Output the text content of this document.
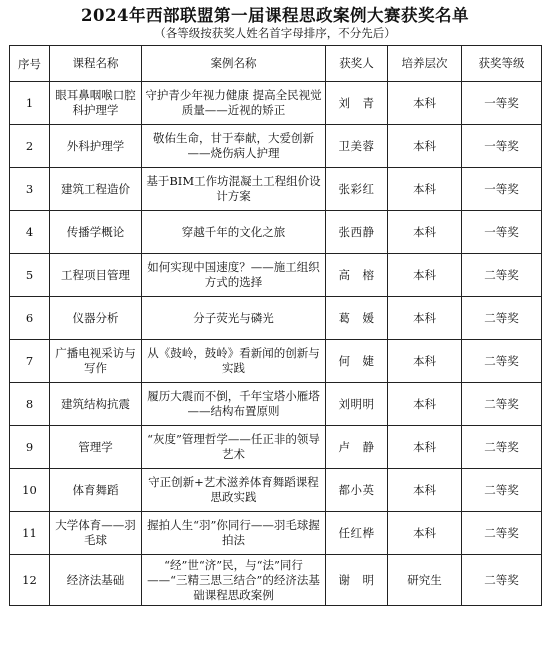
2024年西部联盟第一届课程思政案例大赛获奖名单

（各等级按获奖人姓名首字母排序，不分先后）

序号	课程名称	案例名称	获奖人	培养层次	获奖等级
1	眼耳鼻咽喉口腔科护理学	守护青少年视力健康 提高全民视觉质量——近视的矫正	刘　青	本科	一等奖
2	外科护理学	敬佑生命，甘于奉献，大爱创新——烧伤病人护理	卫美蓉	本科	一等奖
3	建筑工程造价	基于BIM工作坊混凝土工程组价设计方案	张彩红	本科	一等奖
4	传播学概论	穿越千年的文化之旅	张西静	本科	一等奖
5	工程项目管理	如何实现中国速度？——施工组织方式的选择	高　榕	本科	二等奖
6	仪器分析	分子荧光与磷光	葛　媛	本科	二等奖
7	广播电视采访与写作	从《鼓岭，鼓岭》看新闻的创新与实践	何　婕	本科	二等奖
8	建筑结构抗震	履历大震而不倒，千年宝塔小雁塔——结构布置原则	刘明明	本科	二等奖
9	管理学	“灰度”管理哲学——任正非的领导艺术	卢　静	本科	二等奖
10	体育舞蹈	守正创新+艺术滋养体育舞蹈课程思政实践	都小英	本科	二等奖
11	大学体育——羽毛球	握拍人生“羽”你同行——羽毛球握拍法	任红桦	本科	二等奖
12	经济法基础	“经”世“济”民，与“法”同行——“三精三思三结合”的经济法基础课程思政案例	谢　明	研究生	二等奖
